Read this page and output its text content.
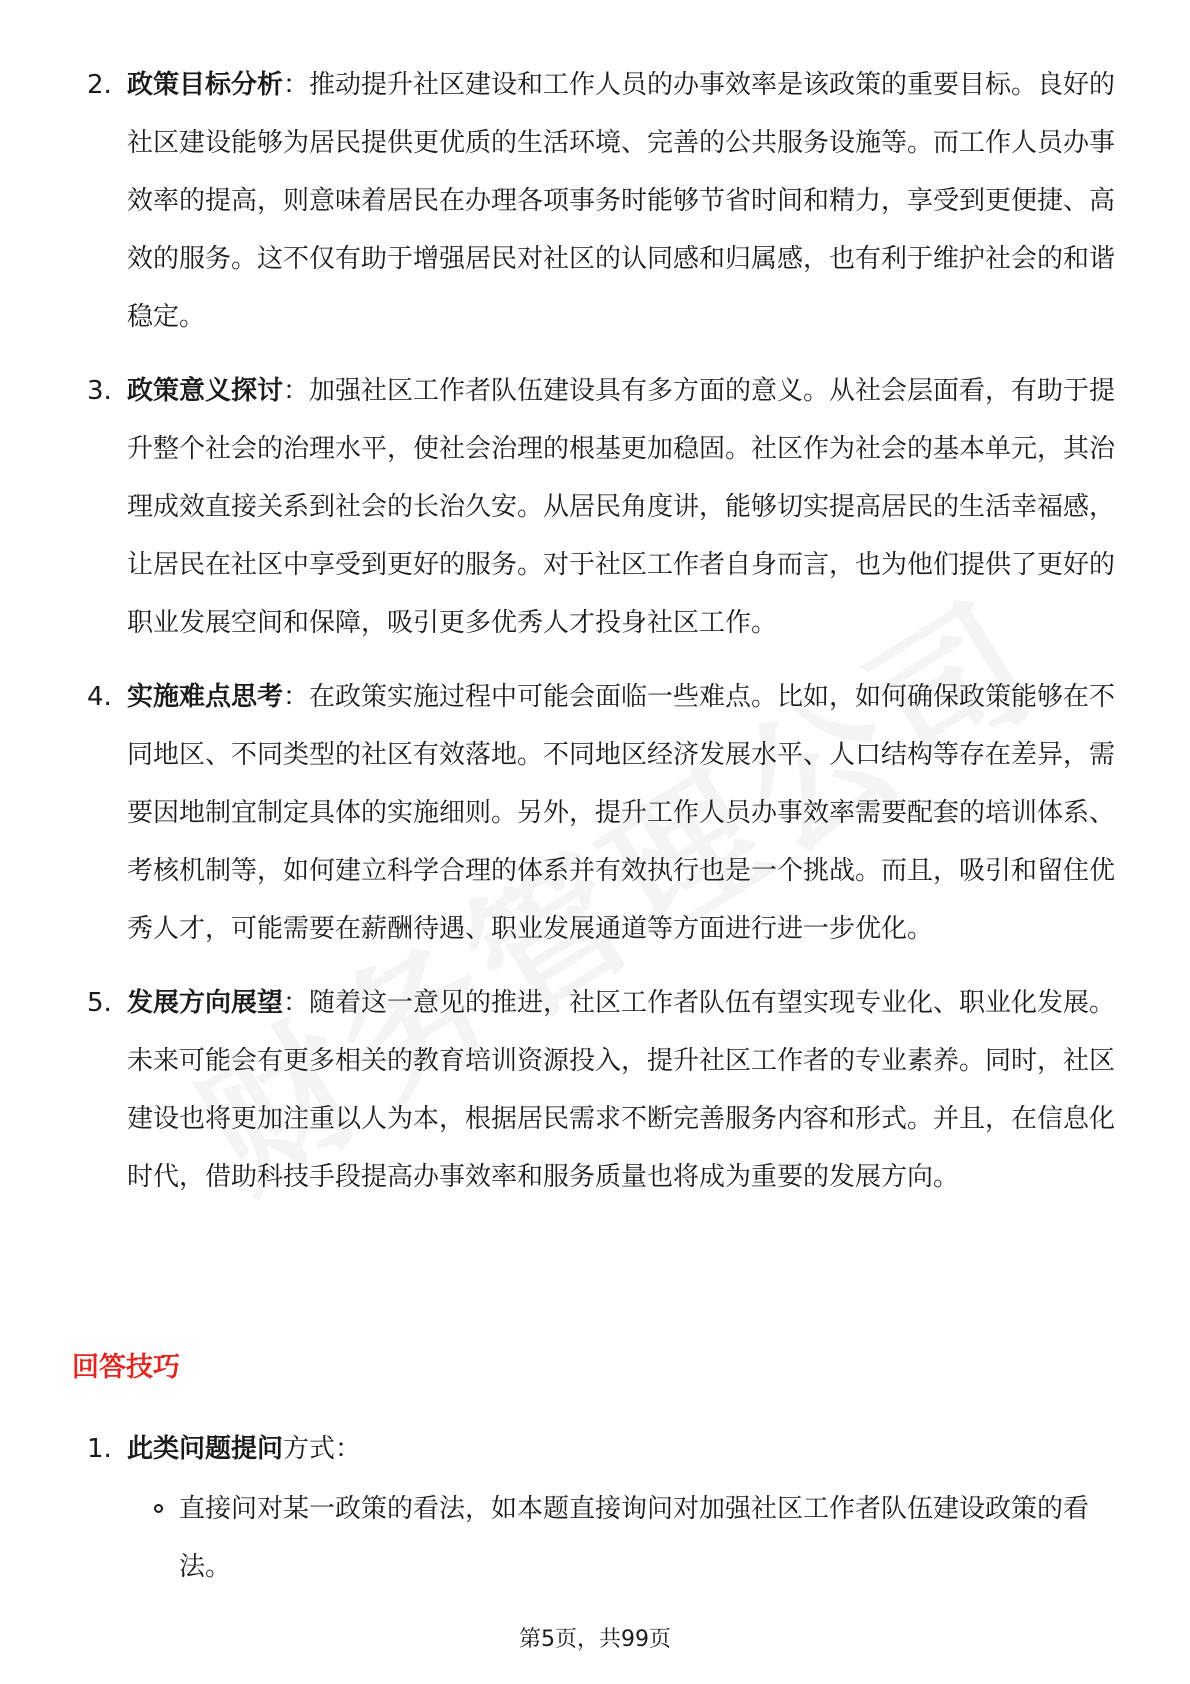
2. 政策目标分析：推动提升社区建设和工作人员的办事效率是该政策的重要目标。良好的社区建设能够为居民提供更优质的生活环境、完善的公共服务设施等。而工作人员办事效率的提高，则意味着居民在办理各项事务时能够节省时间和精力，享受到更便捷、高效的服务。这不仅有助于增强居民对社区的认同感和归属感，也有利于维护社会的和谐稳定。

3. 政策意义探讨：加强社区工作者队伍建设具有多方面的意义。从社会层面看，有助于提升整个社会的治理水平，使社会治理的根基更加稳固。社区作为社会的基本单元，其治理成效直接关系到社会的长治久安。从居民角度讲，能够切实提高居民的生活幸福感，让居民在社区中享受到更好的服务。对于社区工作者自身而言，也为他们提供了更好的职业发展空间和保障，吸引更多优秀人才投身社区工作。

4. 实施难点思考：在政策实施过程中可能会面临一些难点。比如，如何确保政策能够在不同地区、不同类型的社区有效落地。不同地区经济发展水平、人口结构等存在差异，需要因地制宜制定具体的实施细则。另外，提升工作人员办事效率需要配套的培训体系、考核机制等，如何建立科学合理的体系并有效执行也是一个挑战。而且，吸引和留住优秀人才，可能需要在薪酬待遇、职业发展通道等方面进行进一步优化。

5. 发展方向展望：随着这一意见的推进，社区工作者队伍有望实现专业化、职业化发展。未来可能会有更多相关的教育培训资源投入，提升社区工作者的专业素养。同时，社区建设也将更加注重以人为本，根据居民需求不断完善服务内容和形式。并且，在信息化时代，借助科技手段提高办事效率和服务质量也将成为重要的发展方向。

回答技巧
1. 此类问题提问方式：

直接问对某一政策的看法，如本题直接询问对加强社区工作者队伍建设政策的看法。

第5页，共99页
